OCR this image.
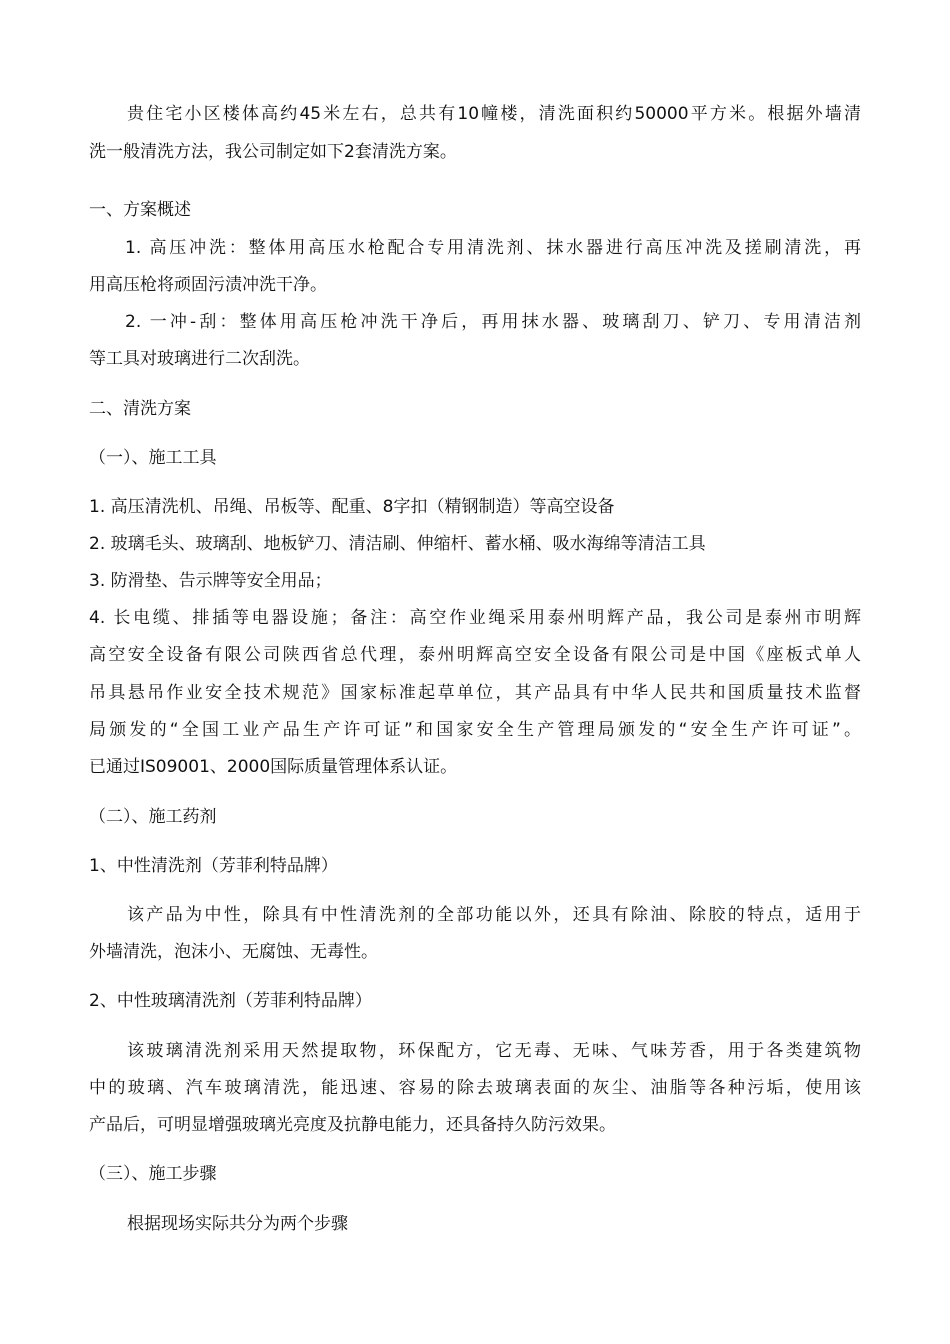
贵住宅小区楼体高约45米左右，总共有10幢楼，清洗面积约50000平方米。根据外墙清
洗一般清洗方法，我公司制定如下2套清洗方案。
一、方案概述
1. 高压冲洗：整体用高压水枪配合专用清洗剂、抹水器进行高压冲洗及搓刷清洗，再
用高压枪将顽固污渍冲洗干净。
2. 一冲-刮：整体用高压枪冲洗干净后，再用抹水器、玻璃刮刀、铲刀、专用清洁剂
等工具对玻璃进行二次刮洗。
二、清洗方案
（一）、施工工具
1. 高压清洗机、吊绳、吊板等、配重、8字扣（精钢制造）等高空设备
2. 玻璃毛头、玻璃刮、地板铲刀、清洁刷、伸缩杆、蓄水桶、吸水海绵等清洁工具
3. 防滑垫、告示牌等安全用品；
4. 长电缆、排插等电器设施；备注：高空作业绳采用泰州明辉产品，我公司是泰州市明辉
高空安全设备有限公司陕西省总代理，泰州明辉高空安全设备有限公司是中国《座板式单人
吊具悬吊作业安全技术规范》国家标准起草单位，其产品具有中华人民共和国质量技术监督
局颁发的“全国工业产品生产许可证”和国家安全生产管理局颁发的“安全生产许可证”。
已通过IS09001、2000国际质量管理体系认证。
（二）、施工药剂
1、中性清洗剂（芳菲利特品牌）
该产品为中性，除具有中性清洗剂的全部功能以外，还具有除油、除胶的特点，适用于
外墙清洗，泡沫小、无腐蚀、无毒性。
2、中性玻璃清洗剂（芳菲利特品牌）
该玻璃清洗剂采用天然提取物，环保配方，它无毒、无味、气味芳香，用于各类建筑物
中的玻璃、汽车玻璃清洗，能迅速、容易的除去玻璃表面的灰尘、油脂等各种污垢，使用该
产品后，可明显增强玻璃光亮度及抗静电能力，还具备持久防污效果。
（三）、施工步骤
根据现场实际共分为两个步骤
